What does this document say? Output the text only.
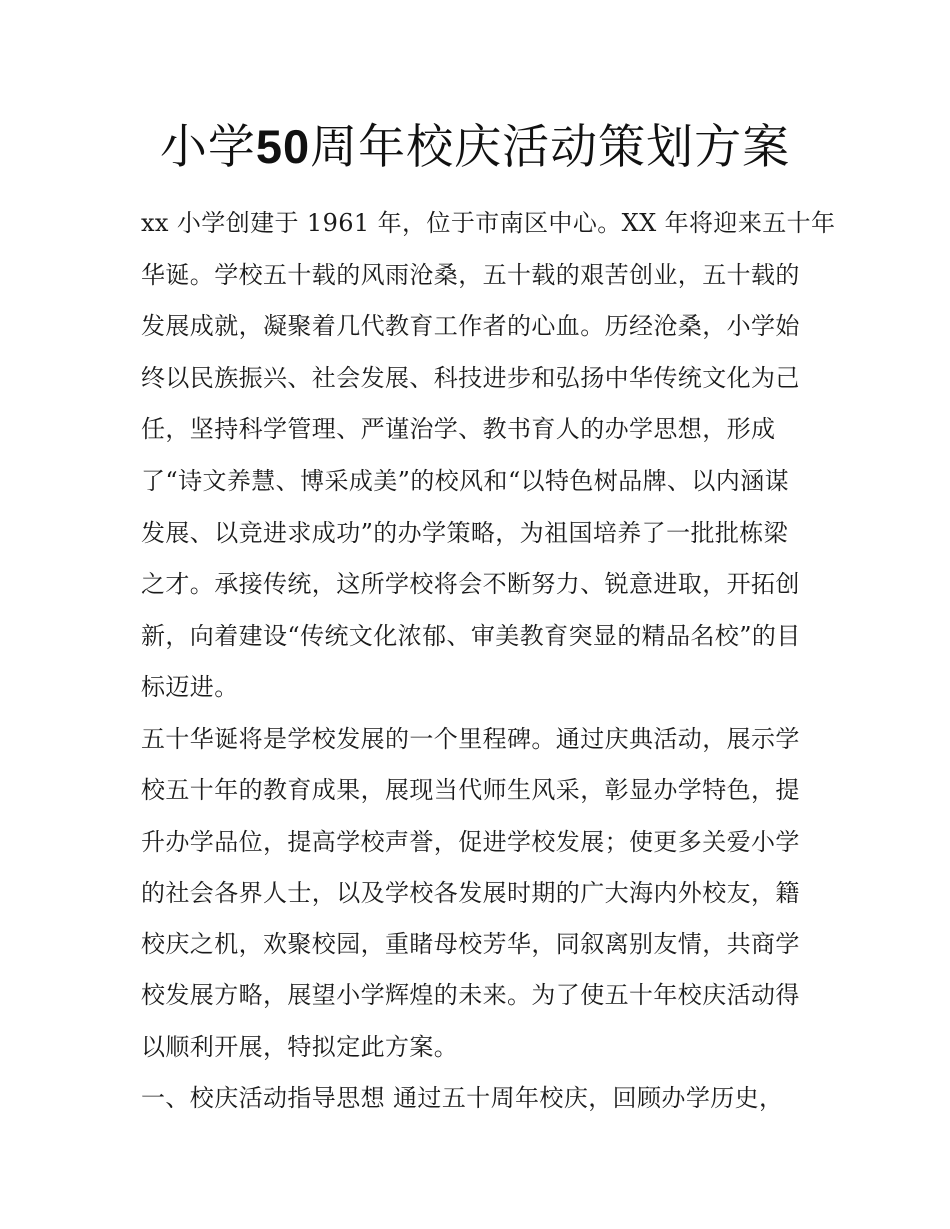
小学50周年校庆活动策划方案
xx 小学创建于 1961 年，位于市南区中心。XX 年将迎来五十年
华诞。学校五十载的风雨沧桑，五十载的艰苦创业，五十载的
发展成就，凝聚着几代教育工作者的心血。历经沧桑，小学始
终以民族振兴、社会发展、科技进步和弘扬中华传统文化为己
任，坚持科学管理、严谨治学、教书育人的办学思想，形成
了“诗文养慧、博采成美”的校风和“以特色树品牌、以内涵谋
发展、以竞进求成功”的办学策略，为祖国培养了一批批栋梁
之才。承接传统，这所学校将会不断努力、锐意进取，开拓创
新，向着建设“传统文化浓郁、审美教育突显的精品名校”的目
标迈进。
五十华诞将是学校发展的一个里程碑。通过庆典活动，展示学
校五十年的教育成果，展现当代师生风采，彰显办学特色，提
升办学品位，提高学校声誉，促进学校发展；使更多关爱小学
的社会各界人士，以及学校各发展时期的广大海内外校友，籍
校庆之机，欢聚校园，重睹母校芳华，同叙离别友情，共商学
校发展方略，展望小学辉煌的未来。为了使五十年校庆活动得
以顺利开展，特拟定此方案。
一、校庆活动指导思想 通过五十周年校庆，回顾办学历史，
